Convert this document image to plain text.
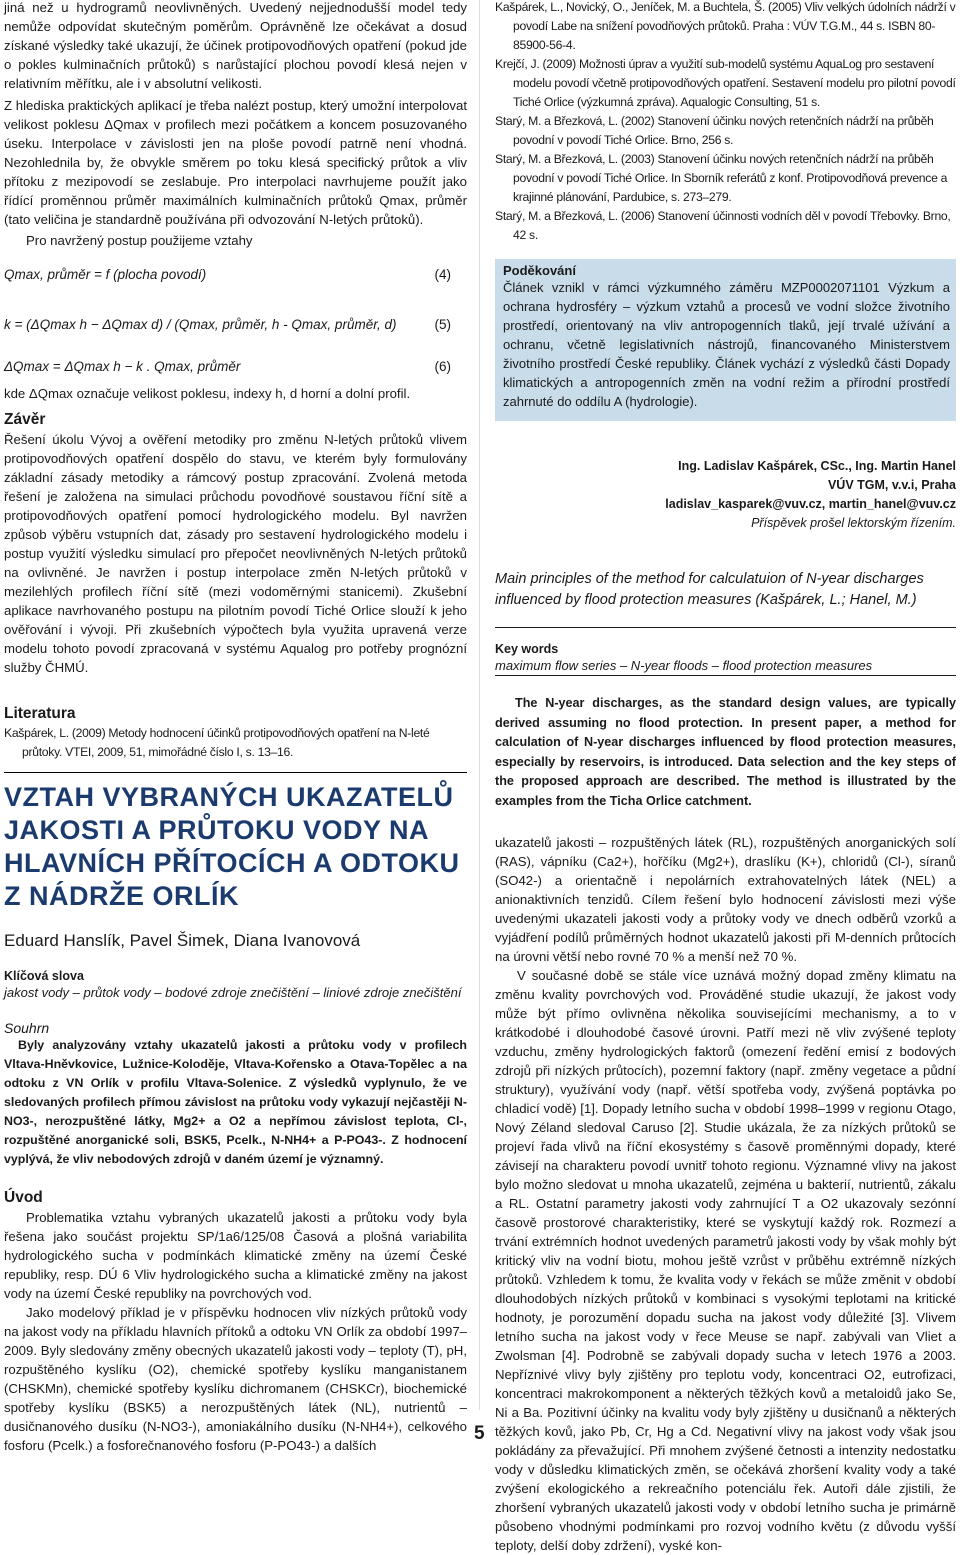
jiná než u hydrogramů neovlivněných. Uvedený nejjednodušší model tedy nemůže odpovídat skutečným poměrům. Oprávněně lze očekávat a dosud získané výsledky také ukazují, že účinek protipovodňových opatření (pokud jde o pokles kulminačních průtoků) s narůstající plochou povodí klesá nejen v relativním měřítku, ale i v absolutní velikosti.

Z hlediska praktických aplikací je třeba nalézt postup, který umožní interpolovat velikost poklesu ΔQmax v profilech mezi počátkem a koncem posuzovaného úseku. Interpolace v závislosti jen na ploše povodí patrně není vhodná. Nezohlednila by, že obvykle směrem po toku klesá specifický průtok a vliv přítoku z mezipovodí se zeslabuje. Pro interpolaci navrhujeme použít jako řídící proměnnou průměr maximálních kulminačních průtoků Qmax, průměr (tato veličina je standardně používána při odvozování N-letých průtoků).

Pro navržený postup použijeme vztahy

Qmax, průměr = f (plocha povodí)	(4)
k = (ΔQmax h − ΔQmax d) / (Qmax, průměr, h - Qmax, průměr, d)	(5)
ΔQmax = ΔQmax h − k . Qmax, průměr	(6)

kde ΔQmax označuje velikost poklesu, indexy h, d horní a dolní profil.

Závěr

Řešení úkolu Vývoj a ověření metodiky pro změnu N-letých průtoků vlivem protipovodňových opatření dospělo do stavu, ve kterém byly formulovány základní zásady metodiky a rámcový postup zpracování. Zvolená metoda řešení je založena na simulaci průchodu povodňové soustavou říční sítě a protipovodňových opatření pomocí hydrologického modelu. Byl navržen způsob výběru vstupních dat, zásady pro sestavení hydrologického modelu i postup využití výsledku simulací pro přepočet neovlivněných N-letých průtoků na ovlivněné. Je navržen i postup interpolace změn N-letých průtoků v mezilehlých profilech říční sítě (mezi vodoměrnými stanicemi). Zkušební aplikace navrhovaného postupu na pilotním povodí Tiché Orlice slouží k jeho ověřování i vývoji. Při zkušebních výpočtech byla využita upravená verze modelu tohoto povodí zpracovaná v systému Aqualog pro potřeby prognózní služby ČHMÚ.

Literatura

Kašpárek, L. (2009) Metody hodnocení účinků protipovodňových opatření na N-leté průtoky. VTEI, 2009, 51, mimořádné číslo I, s. 13–16.

VZTAH VYBRANÝCH UKAZATELŮ JAKOSTI A PRŮTOKU VODY NA HLAVNÍCH PŘÍTOCÍCH A ODTOKU Z NÁDRŽE ORLÍK
Eduard Hanslík, Pavel Šimek, Diana Ivanovová
Klíčová slova
jakost vody – průtok vody – bodové zdroje znečištění – liniové zdroje znečištění
Souhrn

Byly analyzovány vztahy ukazatelů jakosti a průtoku vody v profilech Vltava-Hněvkovice, Lužnice-Koloděje, Vltava-Kořensko a Otava-Topělec a na odtoku z VN Orlík v profilu Vltava-Solenice. Z výsledků vyplynulo, že ve sledovaných profilech přímou závislost na průtoku vody vykazují nejčastěji N-NO3-, nerozpuštěné látky, Mg2+ a O2 a nepřímou závislost teplota, Cl-, rozpuštěné anorganické soli, BSK5, Pcelk., N-NH4+ a P-PO43-. Z hodnocení vyplývá, že vliv nebodových zdrojů v daném území je významný.

Úvod

Problematika vztahu vybraných ukazatelů jakosti a průtoku vody byla řešena jako součást projektu SP/1a6/125/08 Časová a plošná variabilita hydrologického sucha v podmínkách klimatické změny na území České republiky, resp. DÚ 6 Vliv hydrologického sucha a klimatické změny na jakost vody na území České republiky na povrchových vod.

Jako modelový příklad je v příspěvku hodnocen vliv nízkých průtoků vody na jakost vody na příkladu hlavních přítoků a odtoku VN Orlík za období 1997–2009. Byly sledovány změny obecných ukazatelů jakosti vody – teploty (T), pH, rozpuštěného kyslíku (O2), chemické spotřeby kyslíku manganistanem (CHSKMn), chemické spotřeby kyslíku dichromanem (CHSKCr), biochemické spotřeby kyslíku (BSK5) a nerozpuštěných látek (NL), nutrientů – dusičnanového dusíku (N-NO3-), amoniakálního dusíku (N-NH4+), celkového fosforu (Pcelk.) a fosforečnanového fosforu (P-PO43-) a dalších

Kašpárek, L., Novický, O., Jeníček, M. a Buchtela, Š. (2005) Vliv velkých údolních nádrží v povodí Labe na snížení povodňových průtoků. Praha : VÚV T.G.M., 44 s. ISBN 80-85900-56-4.

Krejčí, J. (2009) Možnosti úprav a využití sub-modelů systému AquaLog pro sestavení modelu povodí včetně protipovodňových opatření. Sestavení modelu pro pilotní povodí Tiché Orlice (výzkumná zpráva). Aqualogic Consulting, 51 s.

Starý, M. a Březková, L. (2002) Stanovení účinku nových retenčních nádrží na průběh povodní v povodí Tiché Orlice. Brno, 256 s.

Starý, M. a Březková, L. (2003) Stanovení účinku nových retenčních nádrží na průběh povodní v povodí Tiché Orlice. In Sborník referátů z konf. Protipovodňová prevence a krajinné plánování, Pardubice, s. 273–279.

Starý, M. a Březková, L. (2006) Stanovení účinnosti vodních děl v povodí Třebovky. Brno, 42 s.

Poděkování

Článek vznikl v rámci výzkumného záměru MZP0002071101 Výzkum a ochrana hydrosféry – výzkum vztahů a procesů ve vodní složce životního prostředí, orientovaný na vliv antropogenních tlaků, její trvalé užívání a ochranu, včetně legislativních nástrojů, financovaného Ministerstvem životního prostředí České republiky. Článek vychází z výsledků části Dopady klimatických a antropogenních změn na vodní režim a přírodní prostředí zahrnuté do oddílu A (hydrologie).

Ing. Ladislav Kašpárek, CSc., Ing. Martin Hanel
VÚV TGM, v.v.i, Praha
ladislav_kasparek@vuv.cz, martin_hanel@vuv.cz
Příspěvek prošel lektorským řízením.
Main principles of the method for calculatuion of N-year discharges influenced by flood protection measures (Kašpárek, L.; Hanel, M.)
Key words
maximum flow series – N-year floods – flood protection measures

The N-year discharges, as the standard design values, are typically derived assuming no flood protection. In present paper, a method for calculation of N-year discharges influenced by flood protection measures, especially by reservoirs, is introduced. Data selection and the key steps of the proposed approach are described. The method is illustrated by the examples from the Ticha Orlice catchment.

ukazatelů jakosti – rozpuštěných látek (RL), rozpuštěných anorganických solí (RAS), vápníku (Ca2+), hořčíku (Mg2+), draslíku (K+), chloridů (Cl-), síranů (SO42-) a orientačně i nepolárních extrahovatelných látek (NEL) a anionaktivních tenzidů. Cílem řešení bylo hodnocení závislosti mezi výše uvedenými ukazateli jakosti vody a průtoky vody ve dnech odběrů vzorků a vyjádření podílů průměrných hodnot ukazatelů jakosti při M-denních průtocích na úrovni větší nebo rovné 70 % a menší než 70 %.

V současné době se stále více uznává možný dopad změny klimatu na změnu kvality povrchových vod. Prováděné studie ukazují, že jakost vody může být přímo ovlivněna několika souvisejícími mechanismy, a to v krátkodobé i dlouhodobé časové úrovni. Patří mezi ně vliv zvýšené teploty vzduchu, změny hydrologických faktorů (omezení ředění emisí z bodových zdrojů při nízkých průtocích), pozemní faktory (např. změny vegetace a půdní struktury), využívání vody (např. větší spotřeba vody, zvýšená poptávka po chladicí vodě) [1]. Dopady letního sucha v období 1998–1999 v regionu Otago, Nový Zéland sledoval Caruso [2]. Studie ukázala, že za nízkých průtoků se projeví řada vlivů na říční ekosystémy s časově proměnnými dopady, které závisejí na charakteru povodí uvnitř tohoto regionu. Významné vlivy na jakost bylo možno sledovat u mnoha ukazatelů, zejména u bakterií, nutrientů, zákalu a RL. Ostatní parametry jakosti vody zahrnující T a O2 ukazovaly sezónní časově prostorové charakteristiky, které se vyskytují každý rok. Rozmezí a trvání extrémních hodnot uvedených parametrů jakosti vody by však mohly být kritický vliv na vodní biotu, mohou ještě vzrůst v průběhu extrémně nízkých průtoků. Vzhledem k tomu, že kvalita vody v řekách se může změnit v období dlouhodobých nízkých průtoků v kombinaci s vysokými teplotami na kritické hodnoty, je porozumění dopadu sucha na jakost vody důležité [3]. Vlivem letního sucha na jakost vody v řece Meuse se např. zabývali van Vliet a Zwolsman [4]. Podrobně se zabývali dopady sucha v letech 1976 a 2003. Nepříznivé vlivy byly zjištěny pro teplotu vody, koncentraci O2, eutrofizaci, koncentraci makrokomponent a některých těžkých kovů a metaloidů jako Se, Ni a Ba. Pozitivní účinky na kvalitu vody byly zjištěny u dusičnanů a některých těžkých kovů, jako Pb, Cr, Hg a Cd. Negativní vlivy na jakost vody však jsou pokládány za převažující. Při mnohem zvýšené četnosti a intenzity nedostatku vody v důsledku klimatických změn, se očekává zhoršení kvality vody a také zvýšení ekologického a rekreačního potenciálu řek. Autoři dále zjistili, že zhoršení vybraných ukazatelů jakosti vody v období letního sucha je primárně působeno vhodnými podmínkami pro rozvoj vodního květu (z důvodu vyšší teploty, delší doby zdržení), vyské kon-

5
